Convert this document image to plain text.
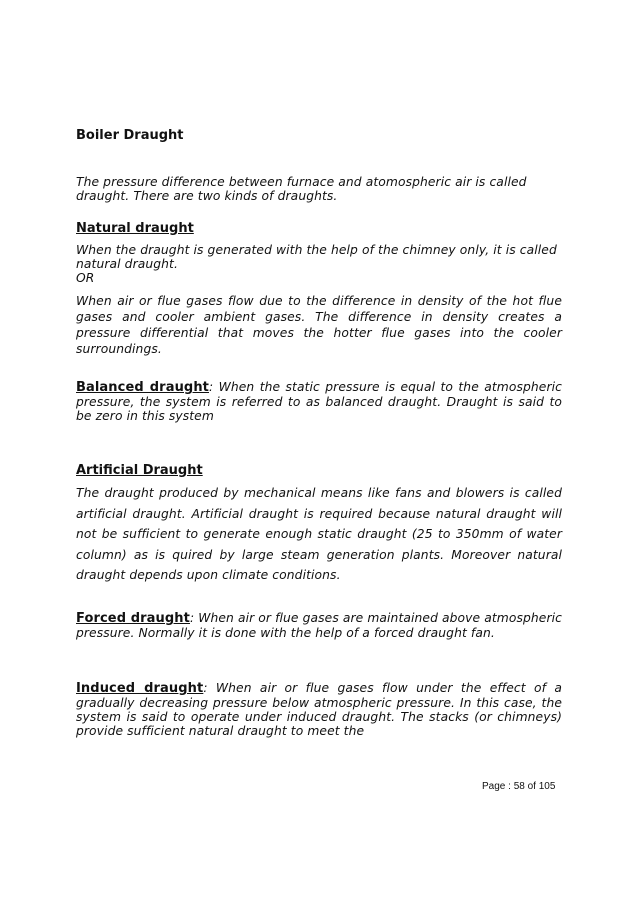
Boiler Draught
The pressure difference between furnace and atomospheric air is called draught. There are two kinds of draughts.
Natural draught
When the draught is generated with the help of the chimney only, it is called natural draught.
OR
When air or flue gases flow due to the difference in density of the hot flue gases and cooler ambient gases. The difference in density creates a pressure differential that moves the hotter flue gases into the cooler surroundings.
Balanced draught: When the static pressure is equal to the atmospheric pressure, the system is referred to as balanced draught. Draught is said to be zero in this system
Artificial Draught
The draught produced by mechanical means like fans and blowers is called artificial draught. Artificial draught is required because natural draught will not be sufficient to generate enough static draught (25 to 350mm of water column) as is quired by large steam generation plants. Moreover natural draught depends upon climate conditions.
Forced draught: When air or flue gases are maintained above atmospheric pressure. Normally it is done with the help of a forced draught fan.
Induced draught: When air or flue gases flow under the effect of a gradually decreasing pressure below atmospheric pressure. In this case, the system is said to operate under induced draught. The stacks (or chimneys) provide sufficient natural draught to meet the
Page : 58 of 105
